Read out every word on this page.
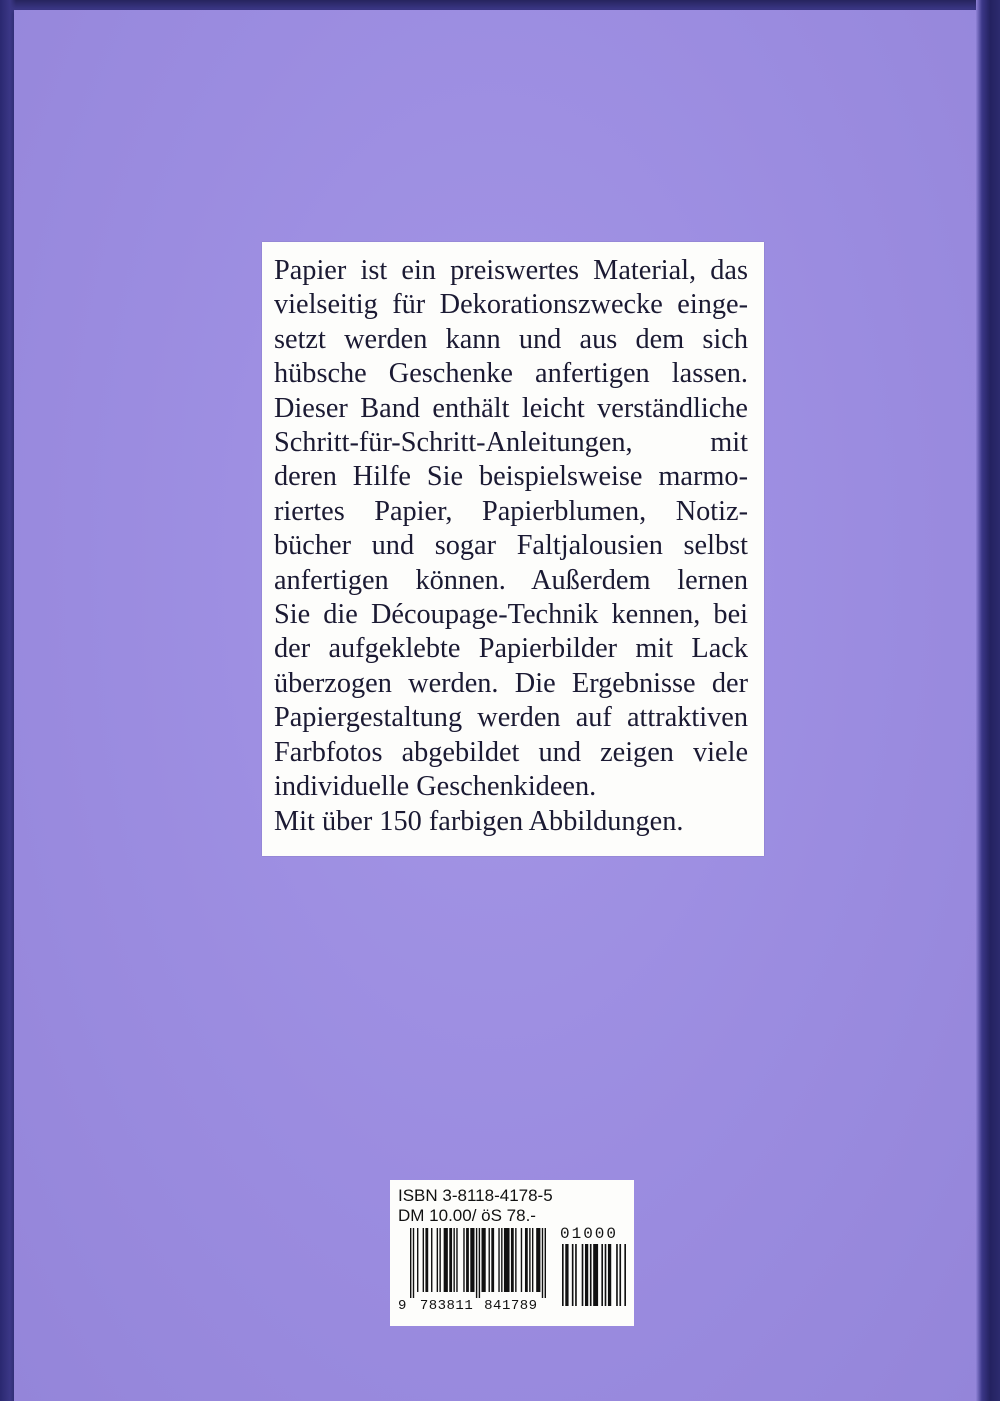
Papier ist ein preiswertes Material, das
vielseitig für Dekorationszwecke einge-
setzt werden kann und aus dem sich
hübsche Geschenke anfertigen lassen.
Dieser Band enthält leicht verständliche
Schritt-für-Schritt-Anleitungen, mit
deren Hilfe Sie beispielsweise marmo-
riertes Papier, Papierblumen, Notiz-
bücher und sogar Faltjalousien selbst
anfertigen können. Außerdem lernen
Sie die Découpage-Technik kennen, bei
der aufgeklebte Papierbilder mit Lack
überzogen werden. Die Ergebnisse der
Papiergestaltung werden auf attraktiven
Farbfotos abgebildet und zeigen viele
individuelle Geschenkideen.
Mit über 150 farbigen Abbildungen.

ISBN 3-8118-4178-5
DM 10.00/ öS 78.-
01000
9 783811 841789
